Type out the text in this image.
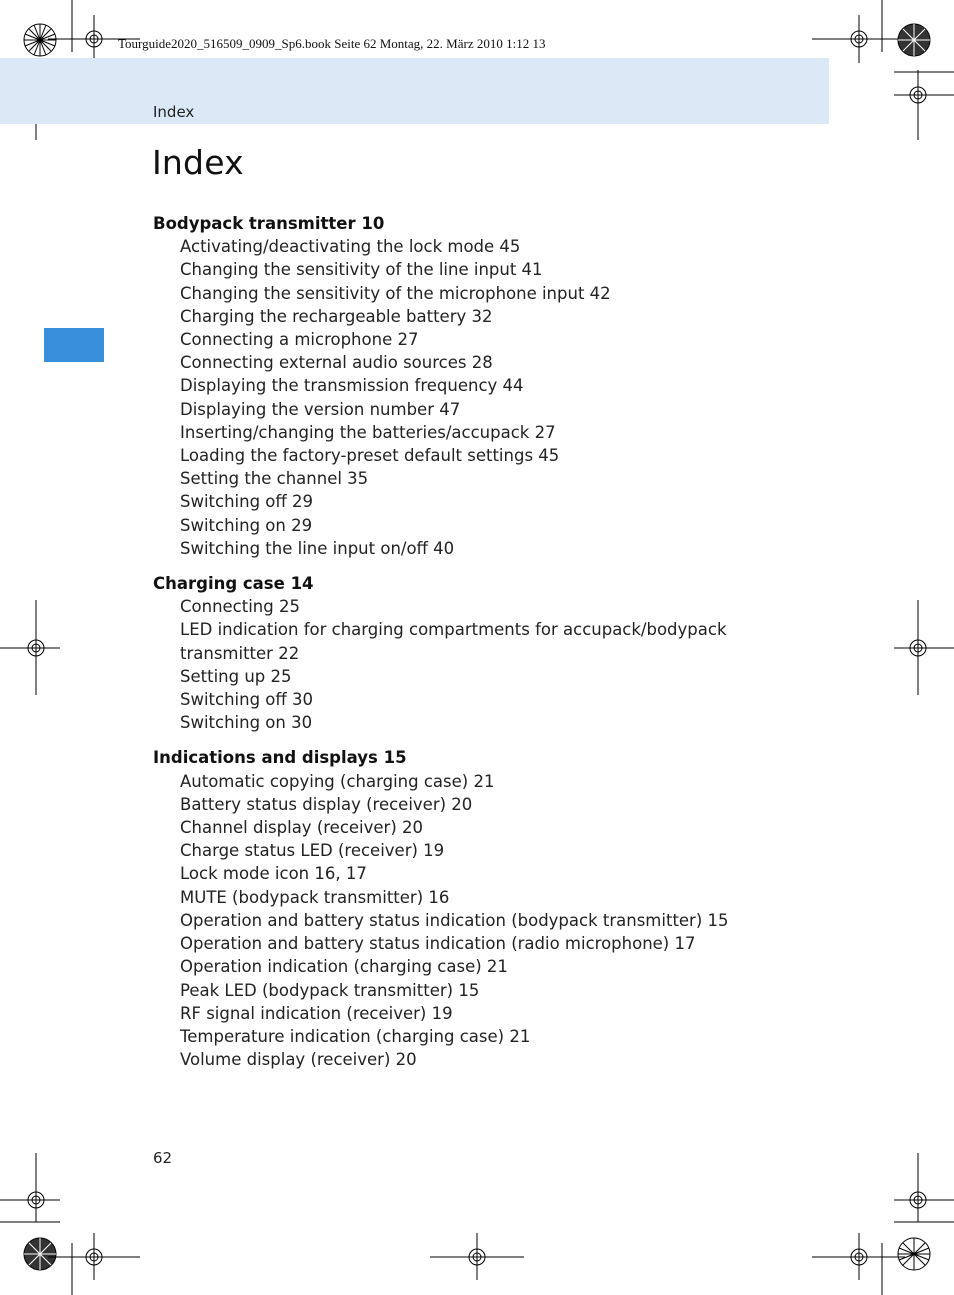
Tourguide2020_516509_0909_Sp6.book Seite 62 Montag, 22. März 2010 1:12 13
Index
Index
Bodypack transmitter 10
Activating/deactivating the lock mode 45
Changing the sensitivity of the line input 41
Changing the sensitivity of the microphone input 42
Charging the rechargeable battery 32
Connecting a microphone 27
Connecting external audio sources 28
Displaying the transmission frequency 44
Displaying the version number 47
Inserting/changing the batteries/accupack 27
Loading the factory-preset default settings 45
Setting the channel 35
Switching off 29
Switching on 29
Switching the line input on/off 40
Charging case 14
Connecting 25
LED indication for charging compartments for accupack/bodypack
transmitter 22
Setting up 25
Switching off 30
Switching on 30
Indications and displays 15
Automatic copying (charging case) 21
Battery status display (receiver) 20
Channel display (receiver) 20
Charge status LED (receiver) 19
Lock mode icon 16, 17
MUTE (bodypack transmitter) 16
Operation and battery status indication (bodypack transmitter) 15
Operation and battery status indication (radio microphone) 17
Operation indication (charging case) 21
Peak LED (bodypack transmitter) 15
RF signal indication (receiver) 19
Temperature indication (charging case) 21
Volume display (receiver) 20
62
